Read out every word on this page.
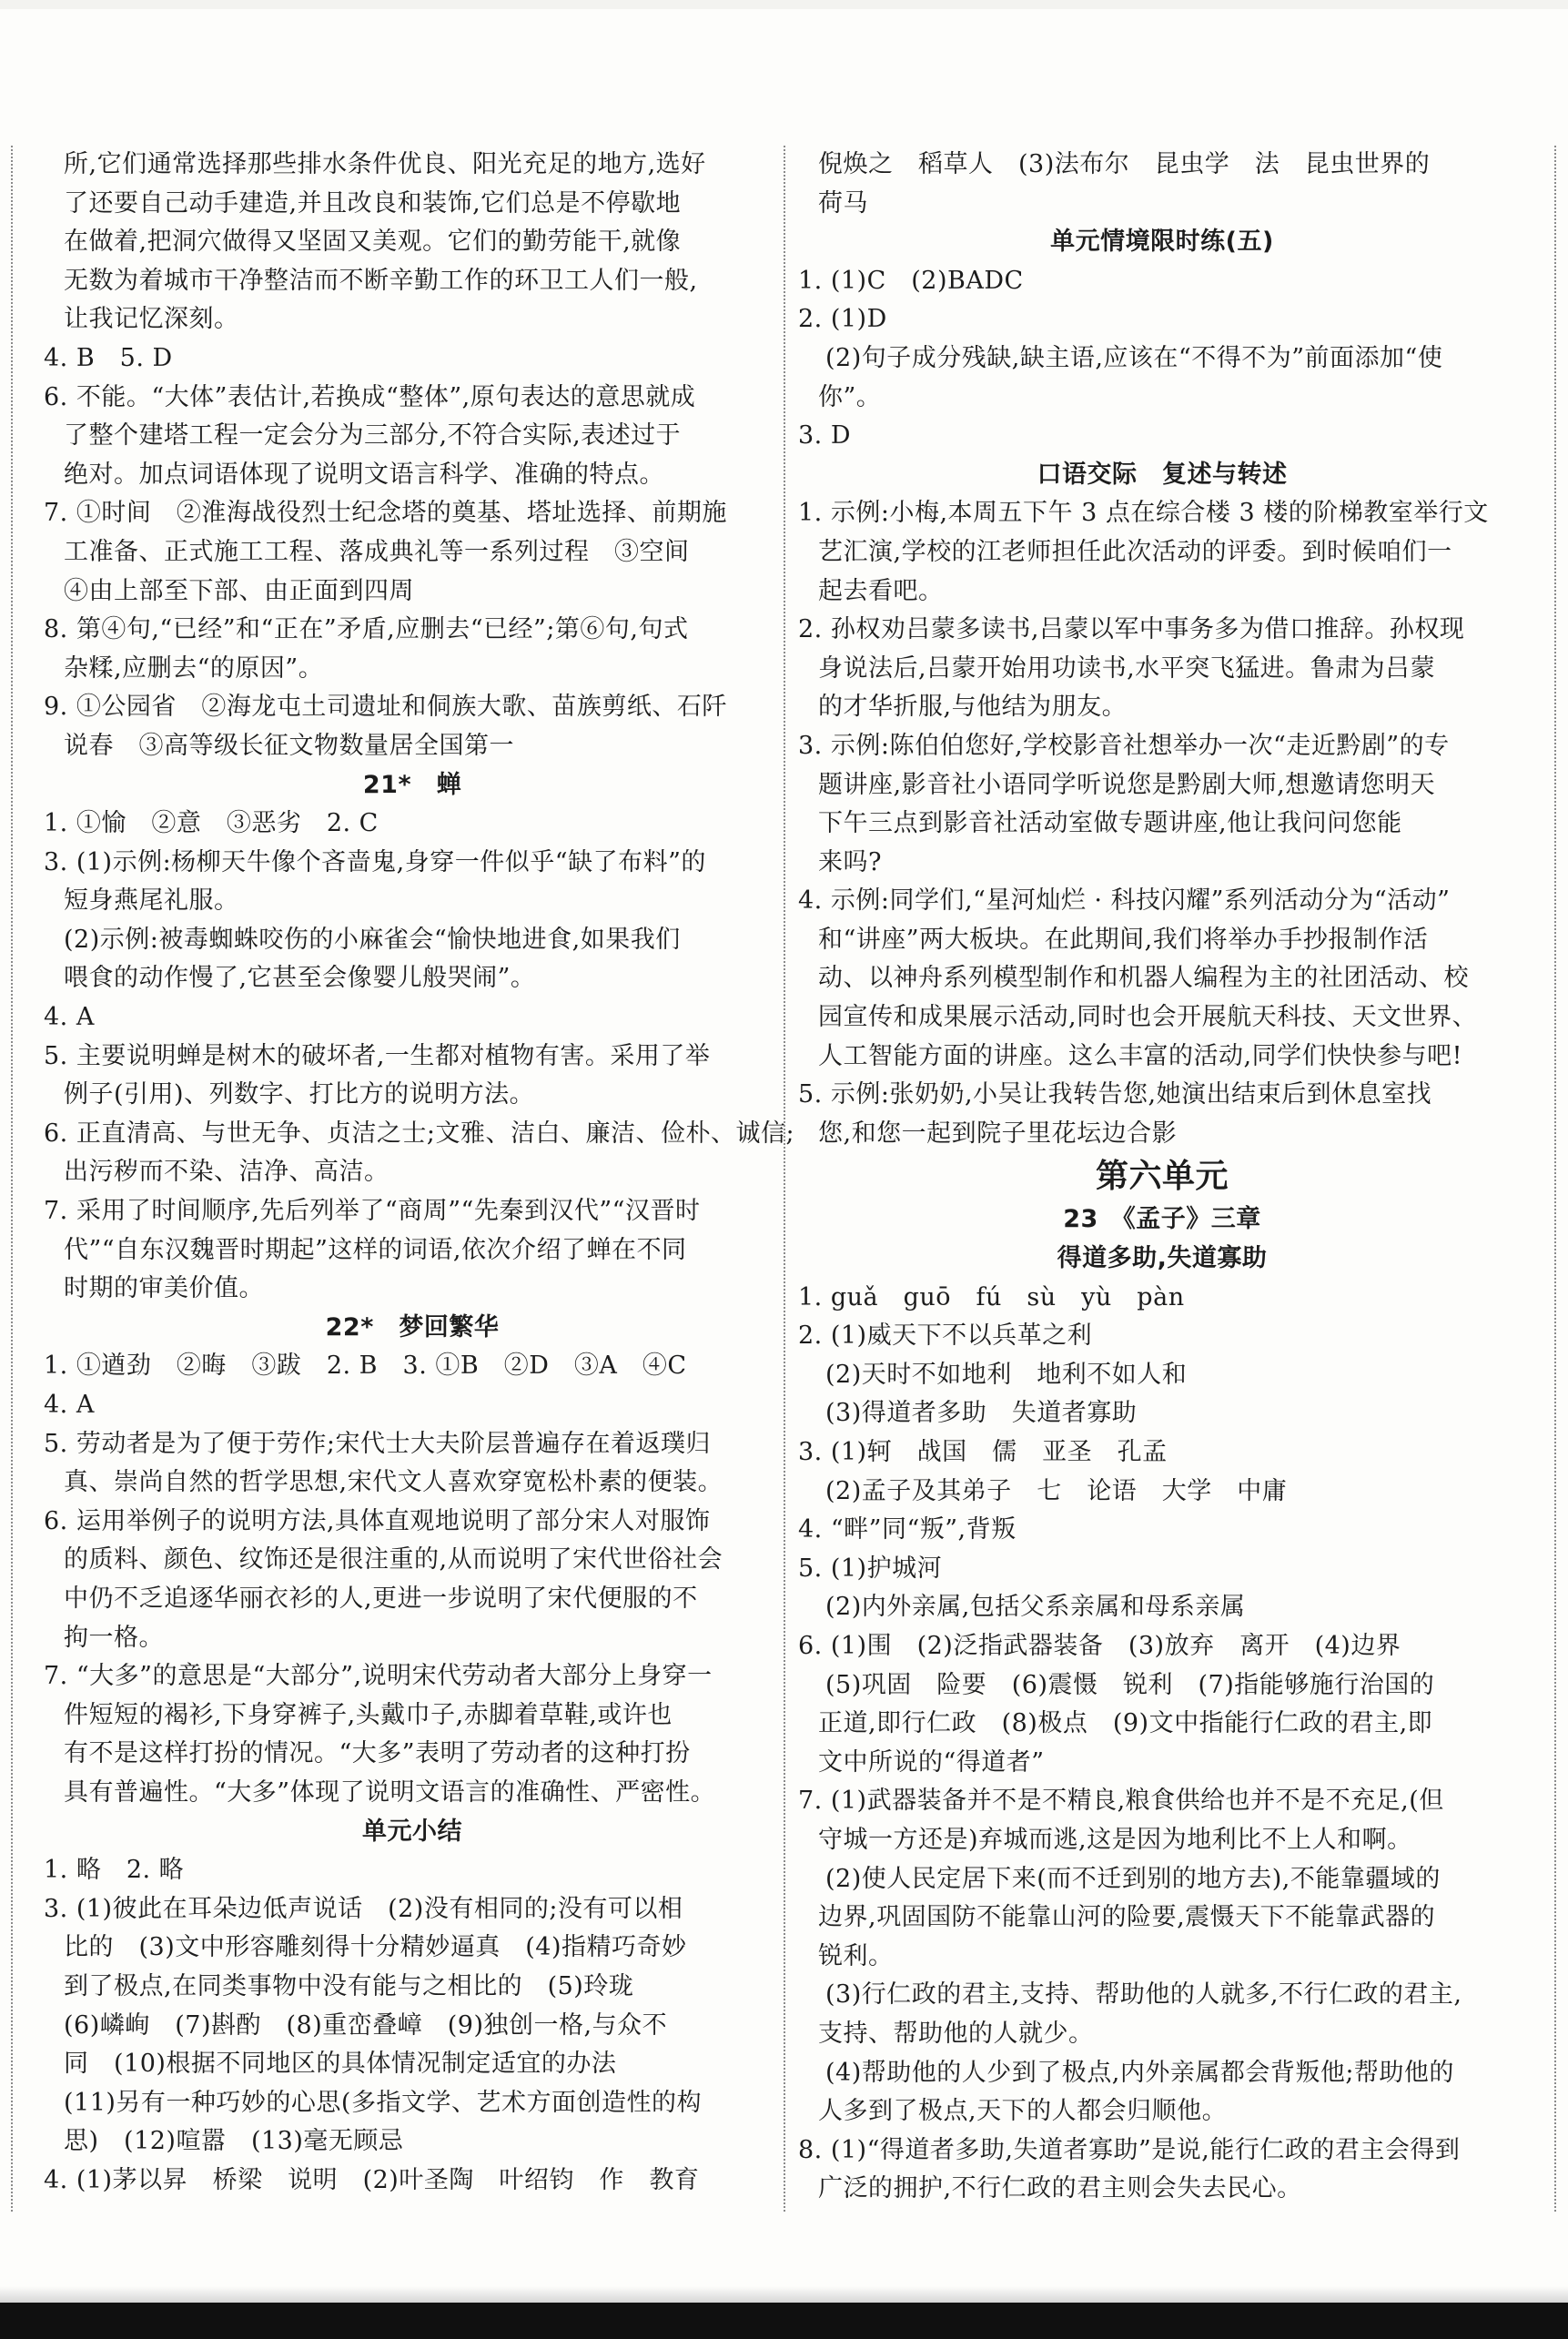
所,它们通常选择那些排水条件优良、阳光充足的地方,选好
了还要自己动手建造,并且改良和装饰,它们总是不停歇地
在做着,把洞穴做得又坚固又美观。它们的勤劳能干,就像
无数为着城市干净整洁而不断辛勤工作的环卫工人们一般,
让我记忆深刻。
4. B　5. D
6. 不能。“大体”表估计,若换成“整体”,原句表达的意思就成
了整个建塔工程一定会分为三部分,不符合实际,表述过于
绝对。加点词语体现了说明文语言科学、准确的特点。
7. ①时间　②淮海战役烈士纪念塔的奠基、塔址选择、前期施
工准备、正式施工工程、落成典礼等一系列过程　③空间
④由上部至下部、由正面到四周
8. 第④句,“已经”和“正在”矛盾,应删去“已经”;第⑥句,句式
杂糅,应删去“的原因”。
9. ①公园省　②海龙屯土司遗址和侗族大歌、苗族剪纸、石阡
说春　③高等级长征文物数量居全国第一
21*　蝉
1. ①愉　②意　③恶劣　2. C
3. (1)示例:杨柳天牛像个吝啬鬼,身穿一件似乎“缺了布料”的
短身燕尾礼服。
(2)示例:被毒蜘蛛咬伤的小麻雀会“愉快地进食,如果我们
喂食的动作慢了,它甚至会像婴儿般哭闹”。
4. A
5. 主要说明蝉是树木的破坏者,一生都对植物有害。采用了举
例子(引用)、列数字、打比方的说明方法。
6. 正直清高、与世无争、贞洁之士;文雅、洁白、廉洁、俭朴、诚信;
出污秽而不染、洁净、高洁。
7. 采用了时间顺序,先后列举了“商周”“先秦到汉代”“汉晋时
代”“自东汉魏晋时期起”这样的词语,依次介绍了蝉在不同
时期的审美价值。
22*　梦回繁华
1. ①遒劲　②晦　③跋　2. B　3. ①B　②D　③A　④C
4. A
5. 劳动者是为了便于劳作;宋代士大夫阶层普遍存在着返璞归
真、崇尚自然的哲学思想,宋代文人喜欢穿宽松朴素的便装。
6. 运用举例子的说明方法,具体直观地说明了部分宋人对服饰
的质料、颜色、纹饰还是很注重的,从而说明了宋代世俗社会
中仍不乏追逐华丽衣衫的人,更进一步说明了宋代便服的不
拘一格。
7. “大多”的意思是“大部分”,说明宋代劳动者大部分上身穿一
件短短的褐衫,下身穿裤子,头戴巾子,赤脚着草鞋,或许也
有不是这样打扮的情况。“大多”表明了劳动者的这种打扮
具有普遍性。“大多”体现了说明文语言的准确性、严密性。
单元小结
1. 略　2. 略
3. (1)彼此在耳朵边低声说话　(2)没有相同的;没有可以相
比的　(3)文中形容雕刻得十分精妙逼真　(4)指精巧奇妙
到了极点,在同类事物中没有能与之相比的　(5)玲珑
(6)嶙峋　(7)斟酌　(8)重峦叠嶂　(9)独创一格,与众不
同　(10)根据不同地区的具体情况制定适宜的办法
(11)另有一种巧妙的心思(多指文学、艺术方面创造性的构
思)　(12)喧嚣　(13)毫无顾忌
4. (1)茅以昇　桥梁　说明　(2)叶圣陶　叶绍钧　作　教育
倪焕之　稻草人　(3)法布尔　昆虫学　法　昆虫世界的
荷马
单元情境限时练(五)
1. (1)C　(2)BADC
2. (1)D
(2)句子成分残缺,缺主语,应该在“不得不为”前面添加“使
你”。
3. D
口语交际　复述与转述
1. 示例:小梅,本周五下午 3 点在综合楼 3 楼的阶梯教室举行文
艺汇演,学校的江老师担任此次活动的评委。到时候咱们一
起去看吧。
2. 孙权劝吕蒙多读书,吕蒙以军中事务多为借口推辞。孙权现
身说法后,吕蒙开始用功读书,水平突飞猛进。鲁肃为吕蒙
的才华折服,与他结为朋友。
3. 示例:陈伯伯您好,学校影音社想举办一次“走近黔剧”的专
题讲座,影音社小语同学听说您是黔剧大师,想邀请您明天
下午三点到影音社活动室做专题讲座,他让我问问您能
来吗?
4. 示例:同学们,“星河灿烂 · 科技闪耀”系列活动分为“活动”
和“讲座”两大板块。在此期间,我们将举办手抄报制作活
动、以神舟系列模型制作和机器人编程为主的社团活动、校
园宣传和成果展示活动,同时也会开展航天科技、天文世界、
人工智能方面的讲座。这么丰富的活动,同学们快快参与吧!
5. 示例:张奶奶,小吴让我转告您,她演出结束后到休息室找
您,和您一起到院子里花坛边合影
第六单元
23　《孟子》三章
得道多助,失道寡助
1. guǎ　guō　fú　sù　yù　pàn
2. (1)威天下不以兵革之利
(2)天时不如地利　地利不如人和
(3)得道者多助　失道者寡助
3. (1)轲　战国　儒　亚圣　孔孟
(2)孟子及其弟子　七　论语　大学　中庸
4. “畔”同“叛”,背叛
5. (1)护城河
(2)内外亲属,包括父系亲属和母系亲属
6. (1)围　(2)泛指武器装备　(3)放弃　离开　(4)边界
(5)巩固　险要　(6)震慑　锐利　(7)指能够施行治国的
正道,即行仁政　(8)极点　(9)文中指能行仁政的君主,即
文中所说的“得道者”
7. (1)武器装备并不是不精良,粮食供给也并不是不充足,(但
守城一方还是)弃城而逃,这是因为地利比不上人和啊。
(2)使人民定居下来(而不迁到别的地方去),不能靠疆域的
边界,巩固国防不能靠山河的险要,震慑天下不能靠武器的
锐利。
(3)行仁政的君主,支持、帮助他的人就多,不行仁政的君主,
支持、帮助他的人就少。
(4)帮助他的人少到了极点,内外亲属都会背叛他;帮助他的
人多到了极点,天下的人都会归顺他。
8. (1)“得道者多助,失道者寡助”是说,能行仁政的君主会得到
广泛的拥护,不行仁政的君主则会失去民心。
